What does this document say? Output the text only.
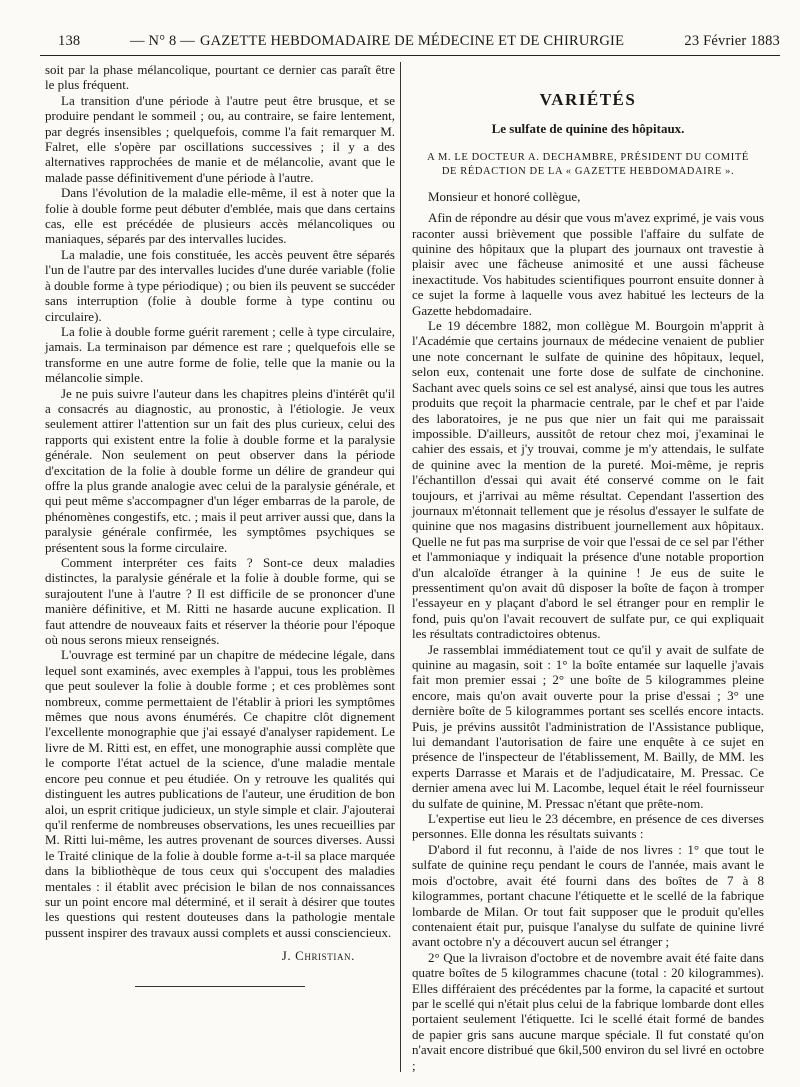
138	— N° 8 — GAZETTE HEBDOMADAIRE DE MÉDECINE ET DE CHIRURGIE	23 Février 1883

soit par la phase mélancolique, pourtant ce dernier cas paraît être le plus fréquent.

La transition d'une période à l'autre peut être brusque, et se produire pendant le sommeil ; ou, au contraire, se faire lentement, par degrés insensibles ; quelquefois, comme l'a fait remarquer M. Falret, elle s'opère par oscillations successives ; il y a des alternatives rapprochées de manie et de mélancolie, avant que le malade passe définitivement d'une période à l'autre.

Dans l'évolution de la maladie elle-même, il est à noter que la folie à double forme peut débuter d'emblée, mais que dans certains cas, elle est précédée de plusieurs accès mélancoliques ou maniaques, séparés par des intervalles lucides.

La maladie, une fois constituée, les accès peuvent être séparés l'un de l'autre par des intervalles lucides d'une durée variable (folie à double forme à type périodique) ; ou bien ils peuvent se succéder sans interruption (folie à double forme à type continu ou circulaire).

La folie à double forme guérit rarement ; celle à type circulaire, jamais. La terminaison par démence est rare ; quelquefois elle se transforme en une autre forme de folie, telle que la manie ou la mélancolie simple.

Je ne puis suivre l'auteur dans les chapitres pleins d'intérêt qu'il a consacrés au diagnostic, au pronostic, à l'étiologie. Je veux seulement attirer l'attention sur un fait des plus curieux, celui des rapports qui existent entre la folie à double forme et la paralysie générale. Non seulement on peut observer dans la période d'excitation de la folie à double forme un délire de grandeur qui offre la plus grande analogie avec celui de la paralysie générale, et qui peut même s'accompagner d'un léger embarras de la parole, de phénomènes congestifs, etc. ; mais il peut arriver aussi que, dans la paralysie générale confirmée, les symptômes psychiques se présentent sous la forme circulaire.

Comment interpréter ces faits ? Sont-ce deux maladies distinctes, la paralysie générale et la folie à double forme, qui se surajoutent l'une à l'autre ? Il est difficile de se prononcer d'une manière définitive, et M. Ritti ne hasarde aucune explication. Il faut attendre de nouveaux faits et réserver la théorie pour l'époque où nous serons mieux renseignés.

L'ouvrage est terminé par un chapitre de médecine légale, dans lequel sont examinés, avec exemples à l'appui, tous les problèmes que peut soulever la folie à double forme ; et ces problèmes sont nombreux, comme permettaient de l'établir à priori les symptômes mêmes que nous avons énumérés. Ce chapitre clôt dignement l'excellente monographie que j'ai essayé d'analyser rapidement. Le livre de M. Ritti est, en effet, une monographie aussi complète que le comporte l'état actuel de la science, d'une maladie mentale encore peu connue et peu étudiée. On y retrouve les qualités qui distinguent les autres publications de l'auteur, une érudition de bon aloi, un esprit critique judicieux, un style simple et clair. J'ajouterai qu'il renferme de nombreuses observations, les unes recueillies par M. Ritti lui-même, les autres provenant de sources diverses. Aussi le Traité clinique de la folie à double forme a-t-il sa place marquée dans la bibliothèque de tous ceux qui s'occupent des maladies mentales : il établit avec précision le bilan de nos connaissances sur un point encore mal déterminé, et il serait à désirer que toutes les questions qui restent douteuses dans la pathologie mentale pussent inspirer des travaux aussi complets et aussi consciencieux.

J. Christian.
VARIÉTÉS
Le sulfate de quinine des hôpitaux.
A M. LE DOCTEUR A. DECHAMBRE, PRÉSIDENT DU COMITÉ DE RÉDACTION DE LA « GAZETTE HEBDOMADAIRE ».

Monsieur et honoré collègue,

Afin de répondre au désir que vous m'avez exprimé, je vais vous raconter aussi brièvement que possible l'affaire du sulfate de quinine des hôpitaux que la plupart des journaux ont travestie à plaisir avec une fâcheuse animosité et une aussi fâcheuse inexactitude. Vos habitudes scientifiques pourront ensuite donner à ce sujet la forme à laquelle vous avez habitué les lecteurs de la Gazette hebdomadaire.

Le 19 décembre 1882, mon collègue M. Bourgoin m'apprit à l'Académie que certains journaux de médecine venaient de publier une note concernant le sulfate de quinine des hôpitaux, lequel, selon eux, contenait une forte dose de sulfate de cinchonine. Sachant avec quels soins ce sel est analysé, ainsi que tous les autres produits que reçoit la pharmacie centrale, par le chef et par l'aide des laboratoires, je ne pus que nier un fait qui me paraissait impossible. D'ailleurs, aussitôt de retour chez moi, j'examinai le cahier des essais, et j'y trouvai, comme je m'y attendais, le sulfate de quinine avec la mention de la pureté. Moi-même, je repris l'échantillon d'essai qui avait été conservé comme on le fait toujours, et j'arrivai au même résultat. Cependant l'assertion des journaux m'étonnait tellement que je résolus d'essayer le sulfate de quinine que nos magasins distribuent journellement aux hôpitaux. Quelle ne fut pas ma surprise de voir que l'essai de ce sel par l'éther et l'ammoniaque y indiquait la présence d'une notable proportion d'un alcaloïde étranger à la quinine ! Je eus de suite le pressentiment qu'on avait dû disposer la boîte de façon à tromper l'essayeur en y plaçant d'abord le sel étranger pour en remplir le fond, puis qu'on l'avait recouvert de sulfate pur, ce qui expliquait les résultats contradictoires obtenus.

Je rassemblai immédiatement tout ce qu'il y avait de sulfate de quinine au magasin, soit : 1° la boîte entamée sur laquelle j'avais fait mon premier essai ; 2° une boîte de 5 kilogrammes pleine encore, mais qu'on avait ouverte pour la prise d'essai ; 3° une dernière boîte de 5 kilogrammes portant ses scellés encore intacts. Puis, je prévins aussitôt l'administration de l'Assistance publique, lui demandant l'autorisation de faire une enquête à ce sujet en présence de l'inspecteur de l'établissement, M. Bailly, de MM. les experts Darrasse et Marais et de l'adjudicataire, M. Pressac. Ce dernier amena avec lui M. Lacombe, lequel était le réel fournisseur du sulfate de quinine, M. Pressac n'étant que prête-nom.

L'expertise eut lieu le 23 décembre, en présence de ces diverses personnes. Elle donna les résultats suivants :

D'abord il fut reconnu, à l'aide de nos livres : 1° que tout le sulfate de quinine reçu pendant le cours de l'année, mais avant le mois d'octobre, avait été fourni dans des boîtes de 7 à 8 kilogrammes, portant chacune l'étiquette et le scellé de la fabrique lombarde de Milan. Or tout fait supposer que le produit qu'elles contenaient était pur, puisque l'analyse du sulfate de quinine livré avant octobre n'y a découvert aucun sel étranger ;

2° Que la livraison d'octobre et de novembre avait été faite dans quatre boîtes de 5 kilogrammes chacune (total : 20 kilogrammes). Elles différaient des précédentes par la forme, la capacité et surtout par le scellé qui n'était plus celui de la fabrique lombarde dont elles portaient seulement l'étiquette. Ici le scellé était formé de bandes de papier gris sans aucune marque spéciale. Il fut constaté qu'on n'avait encore distribué que 6kil,500 environ du sel livré en octobre ;
